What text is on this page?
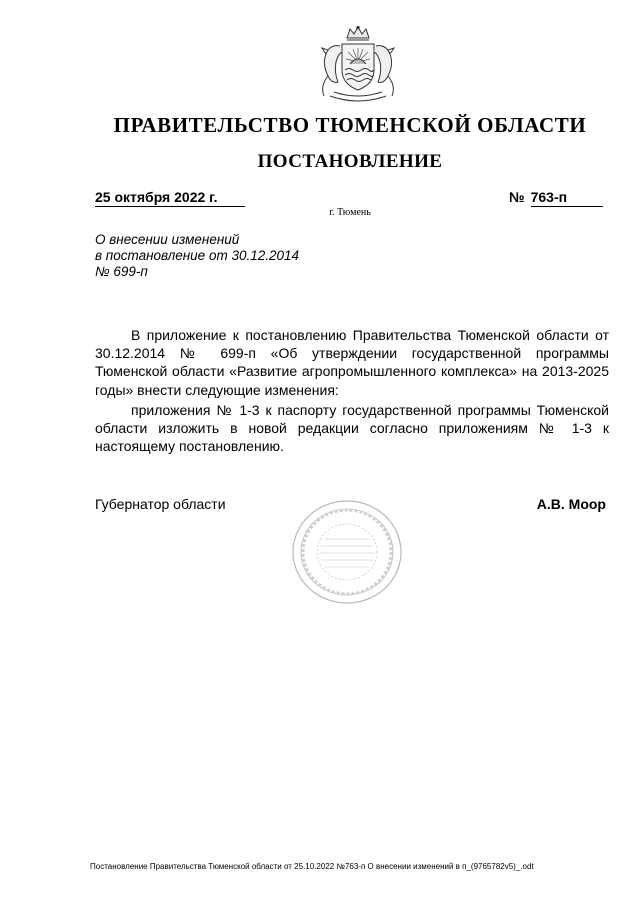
ПРАВИТЕЛЬСТВО ТЮМЕНСКОЙ ОБЛАСТИ
ПОСТАНОВЛЕНИЕ
25 октября 2022 г.	№ 763-п
г. Тюмень
О внесении изменений
в постановление от 30.12.2014
№ 699-п

В приложение к постановлению Правительства Тюменской области от 30.12.2014 № 699-п «Об утверждении государственной программы Тюменской области «Развитие агропромышленного комплекса» на 2013-2025 годы» внести следующие изменения:

приложения № 1-3 к паспорту государственной программы Тюменской области изложить в новой редакции согласно приложениям № 1-3 к настоящему постановлению.

Губернатор области	А.В. Моор
Постановление Правительства Тюменской области от 25.10.2022 №763-п О внесении изменений в п_(9765782v5)_.odt
